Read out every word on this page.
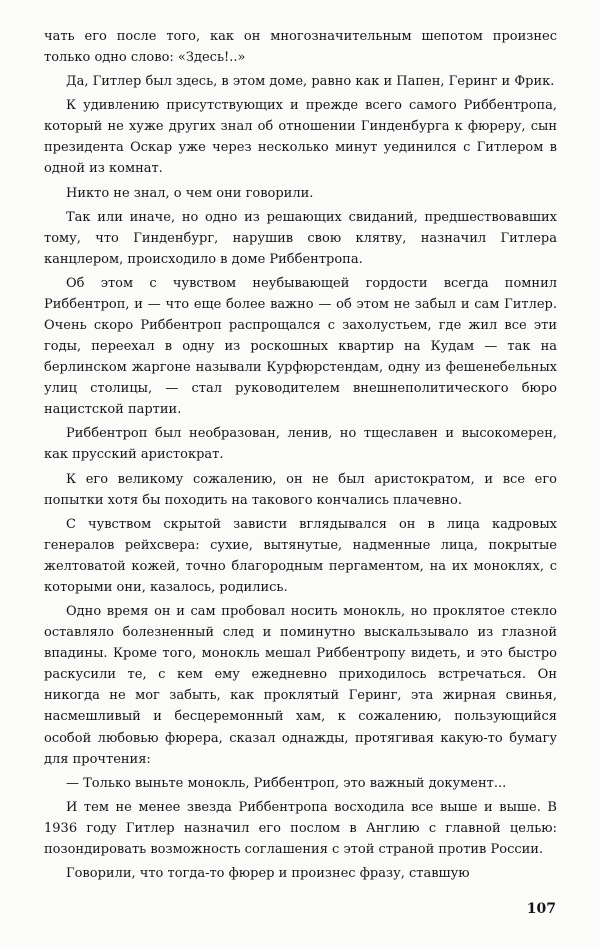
чать его после того, как он многозначительным шепотом произнес только одно слово: «Здесь!..»

Да, Гитлер был здесь, в этом доме, равно как и Папен, Геринг и Фрик.

К удивлению присутствующих и прежде всего самого Риббентропа, который не хуже других знал об отношении Гинденбурга к фюреру, сын президента Оскар уже через несколько минут уединился с Гитлером в одной из комнат.

Никто не знал, о чем они говорили.

Так или иначе, но одно из решающих свиданий, предшествовавших тому, что Гинденбург, нарушив свою клятву, назначил Гитлера канцлером, происходило в доме Риббентропа.

Об этом с чувством неубывающей гордости всегда помнил Риббентроп, и — что еще более важно — об этом не забыл и сам Гитлер. Очень скоро Риббентроп распрощался с захолустьем, где жил все эти годы, переехал в одну из роскошных квартир на Кудам — так на берлинском жаргоне называли Курфюрстендам, одну из фешенебельных улиц столицы, — стал руководителем внешнеполитического бюро нацистской партии.

Риббентроп был необразован, ленив, но тщеславен и высокомерен, как прусский аристократ.

К его великому сожалению, он не был аристократом, и все его попытки хотя бы походить на такового кончались плачевно.

С чувством скрытой зависти вглядывался он в лица кадровых генералов рейхсвера: сухие, вытянутые, надменные лица, покрытые желтоватой кожей, точно благородным пергаментом, на их моноклях, с которыми они, казалось, родились.

Одно время он и сам пробовал носить монокль, но проклятое стекло оставляло болезненный след и поминутно выскальзывало из глазной впадины. Кроме того, монокль мешал Риббентропу видеть, и это быстро раскусили те, с кем ему ежедневно приходилось встречаться. Он никогда не мог забыть, как проклятый Геринг, эта жирная свинья, насмешливый и бесцеремонный хам, к сожалению, пользующийся особой любовью фюрера, сказал однажды, протягивая какую-то бумагу для прочтения:

— Только выньте монокль, Риббентроп, это важный документ...

И тем не менее звезда Риббентропа восходила все выше и выше. В 1936 году Гитлер назначил его послом в Англию с главной целью: позондировать возможность соглашения с этой страной против России.

Говорили, что тогда-то фюрер и произнес фразу, ставшую

107
